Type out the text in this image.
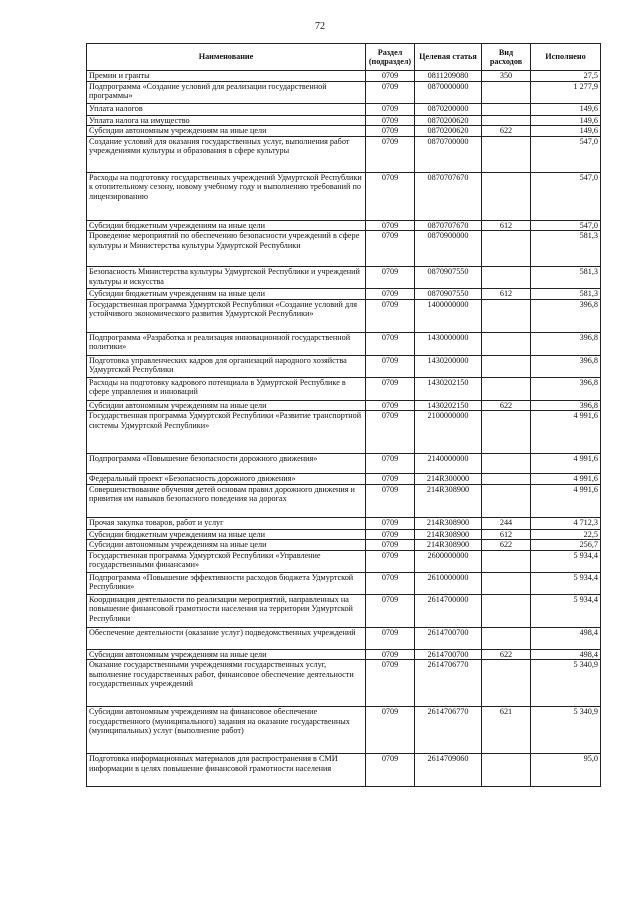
72
Наименование	Раздел (подраздел)	Целевая статья	Вид расходов	Исполнено
Премии и гранты	0709	0811209080	350	27,5
Подпрограмма «Создание условий для реализации государственной программы»	0709	0870000000		1 277,9
Уплата налогов	0709	0870200000		149,6
Уплата налога на имущество	0709	0870200620		149,6
Субсидии автономным учреждениям на иные цели	0709	0870200620	622	149,6
Создание условий для оказания государственных услуг, выполнения работ учреждениями культуры и образования в сфере культуры	0709	0870700000		547,0
Расходы на подготовку государственных учреждений Удмуртской Республики к отопительному сезону, новому учебному году и выполнению требований по лицензированию	0709	0870707670		547,0
Субсидии бюджетным учреждениям на иные цели	0709	0870707670	612	547,0
Проведение мероприятий по обеспечению безопасности учреждений в сфере культуры и Министерства культуры Удмуртской Республики	0709	0870900000		581,3
Безопасность Министерства культуры Удмуртской Республики и учреждений культуры и искусства	0709	0870907550		581,3
Субсидии бюджетным учреждениям на иные цели	0709	0870907550	612	581,3
Государственная программа Удмуртской Республики «Создание условий для устойчивого экономического развития Удмуртской Республики»	0709	1400000000		396,8
Подпрограмма «Разработка и реализация инновационной государственной политики»	0709	1430000000		396,8
Подготовка управленческих кадров для организаций народного хозяйства Удмуртской Республики	0709	1430200000		396,8
Расходы на подготовку кадрового потенциала в Удмуртской Республике в сфере управления и инноваций	0709	1430202150		396,8
Субсидии автономным учреждениям на иные цели	0709	1430202150	622	396,8
Государственная программа Удмуртской Республики «Развитие транспортной системы Удмуртской Республики»	0709	2100000000		4 991,6
Подпрограмма «Повышение безопасности дорожного движения»	0709	2140000000		4 991,6
Федеральный проект «Безопасность дорожного движения»	0709	214R300000		4 991,6
Совершенствование обучения детей основам правил дорожного движения и привития им навыков безопасного поведения на дорогах	0709	214R308900		4 991,6
Прочая закупка товаров, работ и услуг	0709	214R308900	244	4 712,3
Субсидии бюджетным учреждениям на иные цели	0709	214R308900	612	22,5
Субсидии автономным учреждениям на иные цели	0709	214R308900	622	256,7
Государственная программа Удмуртской Республики «Управление государственными финансами»	0709	2600000000		5 934,4
Подпрограмма «Повышение эффективности расходов бюджета Удмуртской Республики»	0709	2610000000		5 934,4
Координация деятельности по реализации мероприятий, направленных на повышение финансовой грамотности населения на территории Удмуртской Республики	0709	2614700000		5 934,4
Обеспечение деятельности (оказание услуг) подведомственных учреждений	0709	2614700700		498,4
Субсидии автономным учреждениям на иные цели	0709	2614700700	622	498,4
Оказание государственными учреждениями государственных услуг, выполнение государственных работ, финансовое обеспечение деятельности государственных учреждений	0709	2614706770		5 340,9
Субсидии автономным учреждениям на финансовое обеспечение государственного (муниципального) задания на оказание государственных (муниципальных) услуг (выполнение работ)	0709	2614706770	621	5 340,9
Подготовка информационных материалов для распространения в СМИ информации в целях повышение финансовой грамотности населения	0709	2614709060		95,0
